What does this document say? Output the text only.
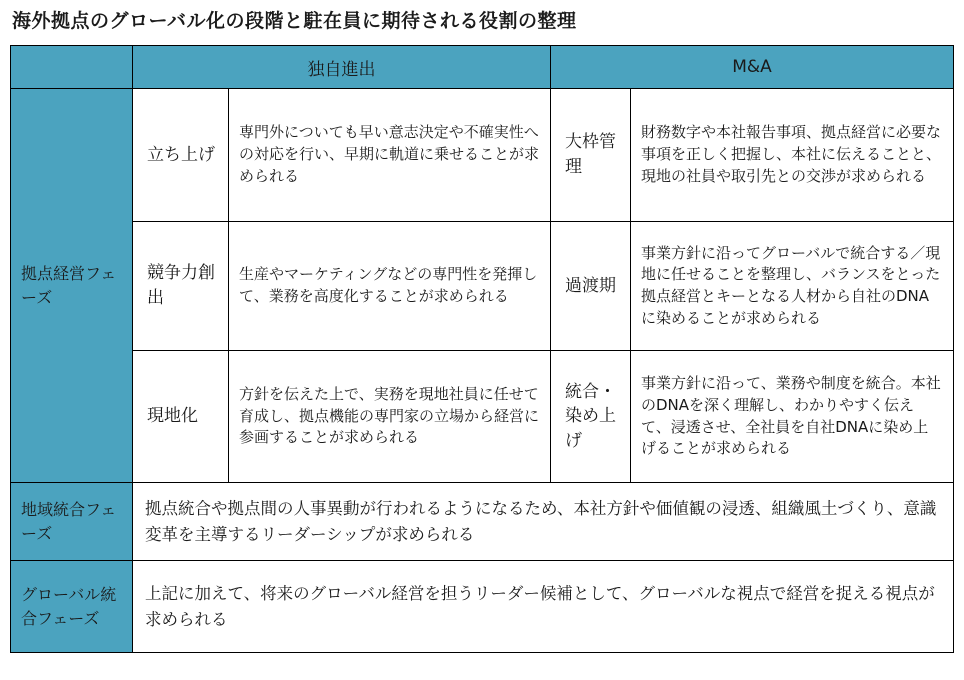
海外拠点のグローバル化の段階と駐在員に期待される役割の整理
	独自進出		M&A	
拠点経営フェーズ	立ち上げ	専門外についても早い意志決定や不確実性への対応を行い、早期に軌道に乗せることが求められる	大枠管理	財務数字や本社報告事項、拠点経営に必要な事項を正しく把握し、本社に伝えることと、現地の社員や取引先との交渉が求められる
	競争力創出	生産やマーケティングなどの専門性を発揮して、業務を高度化することが求められる	過渡期	事業方針に沿ってグローバルで統合する／現地に任せることを整理し、バランスをとった拠点経営とキーとなる人材から自社のDNAに染めることが求められる
	現地化	方針を伝えた上で、実務を現地社員に任せて育成し、拠点機能の専門家の立場から経営に参画することが求められる	統合・染め上げ	事業方針に沿って、業務や制度を統合。本社のDNAを深く理解し、わかりやすく伝えて、浸透させ、全社員を自社DNAに染め上げることが求められる
地域統合フェーズ	拠点統合や拠点間の人事異動が行われるようになるため、本社方針や価値観の浸透、組織風土づくり、意識変革を主導するリーダーシップが求められる			
グローバル統合フェーズ	上記に加えて、将来のグローバル経営を担うリーダー候補として、グローバルな視点で経営を捉える視点が求められる			
